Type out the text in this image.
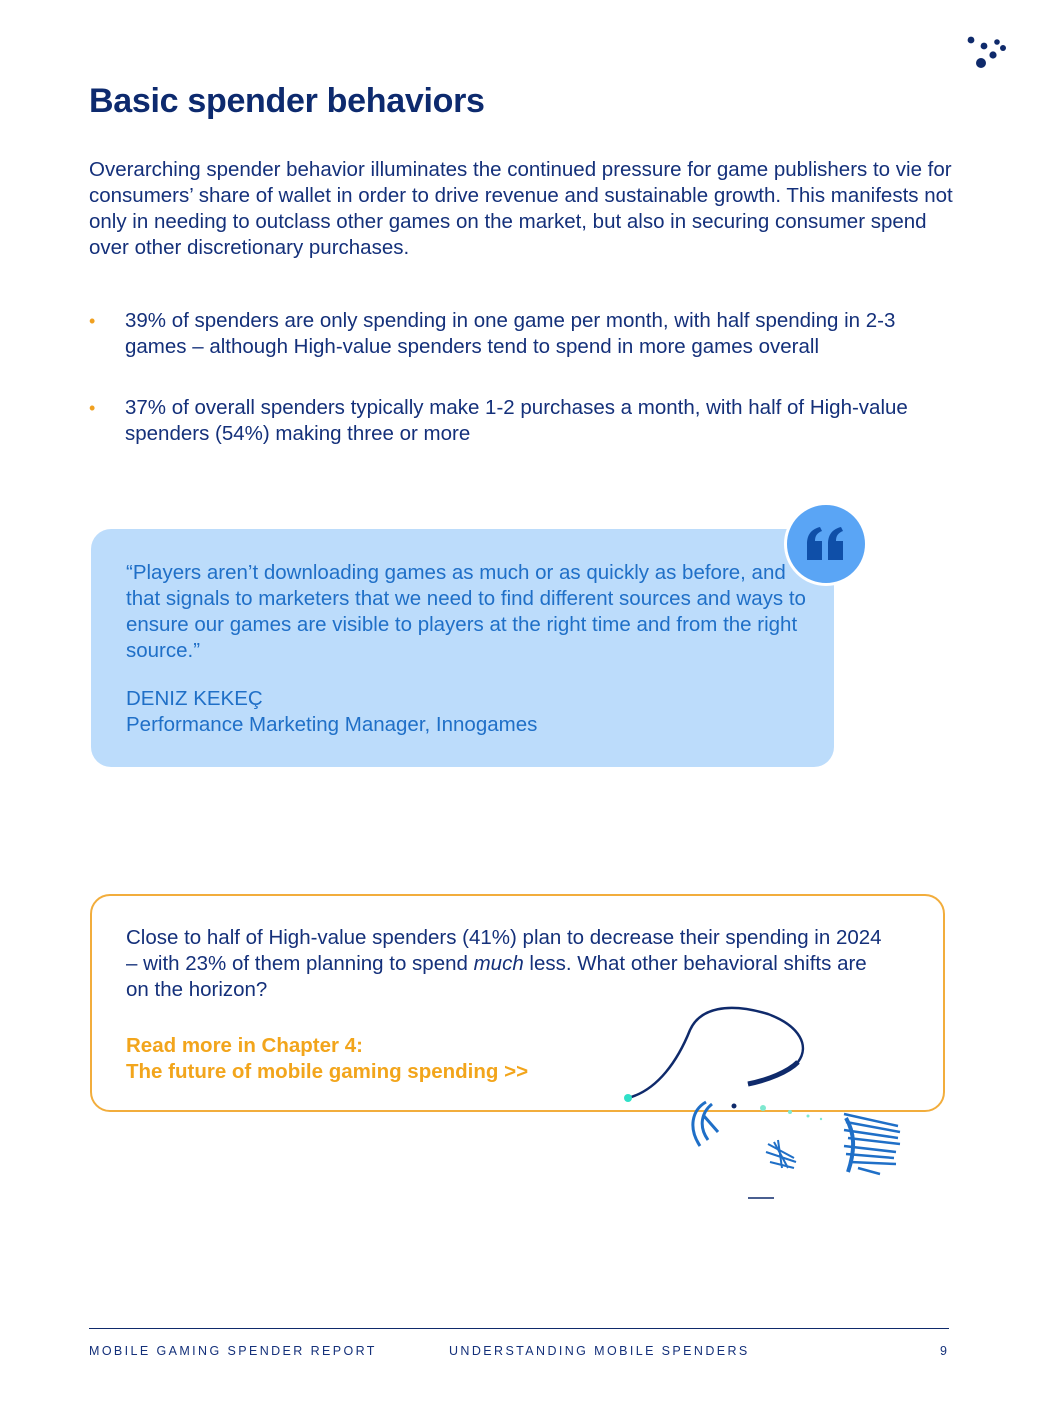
Basic spender behaviors

Overarching spender behavior illuminates the continued pressure for game publishers to vie for consumers’ share of wallet in order to drive revenue and sustainable growth. This manifests not only in needing to outclass other games on the market, but also in securing consumer spend over other discretionary purchases.

• 39% of spenders are only spending in one game per month, with half spending in 2-3 games – although High-value spenders tend to spend in more games overall
• 37% of overall spenders typically make 1-2 purchases a month, with half of High-value spenders (54%) making three or more

“Players aren’t downloading games as much or as quickly as before, and that signals to marketers that we need to find different sources and ways to ensure our games are visible to players at the right time and from the right source.”

DENIZ KEKEÇ
Performance Marketing Manager, Innogames

Close to half of High-value spenders (41%) plan to decrease their spending in 2024 – with 23% of them planning to spend much less. What other behavioral shifts are on the horizon?

Read more in Chapter 4:
The future of mobile gaming spending >>

MOBILE GAMING SPENDER REPORT	UNDERSTANDING MOBILE SPENDERS	9
